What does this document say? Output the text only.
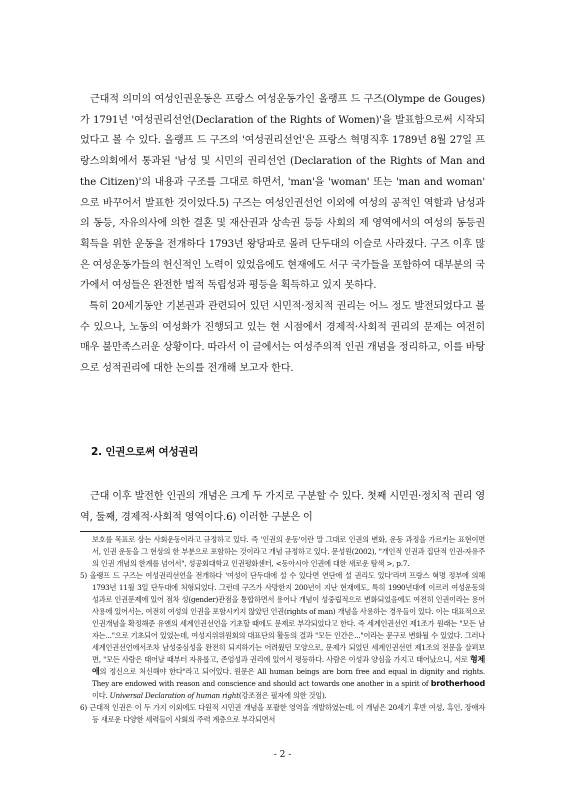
근대적 의미의 여성인권운동은 프랑스 여성운동가인 올랭프 드 구즈(Olympe de Gouges)가 1791년 '여성권리선언(Declaration of the Rights of Women)'을 발표함으로써 시작되었다고 볼 수 있다. 올랭프 드 구즈의 '여성권리선언'은 프랑스 혁명직후 1789년 8월 27일 프랑스의회에서 통과된 '남성 및 시민의 권리선언 (Declaration of the Rights of Man and the Citizen)'의 내용과 구조를 그대로 하면서, 'man'을 'woman' 또는 'man and woman' 으로 바꾸어서 발표한 것이었다.5) 구즈는 여성인권선언 이외에 여성의 공적인 역할과 남성과의 동등, 자유의사에 의한 결혼 및 재산권과 상속권 등등 사회의 제 영역에서의 여성의 동등권 획득을 위한 운동을 전개하다 1793년 왕당파로 몰려 단두대의 이슬로 사라졌다. 구즈 이후 많은 여성운동가들의 헌신적인 노력이 있었음에도 현재에도 서구 국가들을 포함하여 대부분의 국가에서 여성들은 완전한 법적 독립성과 평등을 획득하고 있지 못하다.

특히 20세기동안 기본권과 관련되어 있던 시민적·정치적 권리는 어느 정도 발전되었다고 볼 수 있으나, 노동의 여성화가 진행되고 있는 현 시점에서 경제적·사회적 권리의 문제는 여전히 매우 불만족스러운 상황이다. 따라서 이 글에서는 여성주의적 인권 개념을 정리하고, 이를 바탕으로 성적권리에 대한 논의를 전개해 보고자 한다.

2. 인권으로써 여성권리

근대 이후 발전한 인권의 개념은 크게 두 가지로 구분할 수 있다. 첫째 시민권·정치적 권리 영역, 둘째, 경제적·사회적 영역이다.6) 이러한 구분은 이

보호를 목표로 삼는 사회운동이라고 규정하고 있다. 즉 '인권의 운동'이란 말 그대로 인권의 변화, 운동 과정을 가르키는 표현이면서, 인권 운동을 그 현상의 한 부분으로 포함하는 것이라고 개념 규정하고 있다. 문성원(2002), "개인적 인권과 집단적 인권-자유주의 인권 개념의 한계를 넘어서", 성공회대학교 인권평화센터, <동아시아 인권에 대한 새로운 탐색 >, p.7.

5) 올랭프 드 구즈는 여성권리선언을 전개하다 '여성이 단두대에 설 수 있다면 연단에 설 권리도 있다'라며 프랑스 혁명 정부에 의해 1793년 11월 3일 단두대에 처형되었다. 그런데 구즈가 사망한지 200년이 지난 현재에도, 특히 1990년대에 이르러 여성운동의 성과로 인권문제에 있어 점차 성(gender)관점을 통합하면서 용어나 개념이 성중립적으로 변화되었음에도 여전히 인권이라는 용어 사용에 있어서는, 여전히 여성의 인권을 포함시키지 않았던 인권(rights of man) 개념을 사용하는 경우들이 있다. 이는 대표적으로 인권개념을 확정해준 유엔의 세계인권선언을 기초할 때에도 문제로 부각되었다고 한다. 즉 세계인권선언 제1조가 원래는 "모든 남자는..."으로 기초되어 있었는데, 여성지위위원회의 대표단의 활동의 결과 "모든 인간은..."이라는 문구로 변화될 수 있었다. 그러나 세계인권선언에서조차 남성중심성을 완전히 되지하기는 어려웠던 모양으로, 문제가 되었던 세계인권선언 제1조의 전문을 살펴보면, "모든 사람은 태어날 때부터 자유롭고, 존엄성과 권리에 있어서 평등하다. 사람은 이성과 양심을 가지고 태어났으니, 서로 형제애의 정신으로 처신해야 한다"라고 되어있다. 원문은 All human beings are born free and equal in dignity and rights. They are endowed with reason and conscience and should act towards one another in a spirit of brotherhood 이다. Universal Declaration of human right(강조점은 필자에 의한 것임).

6) 근대적 인권은 이 두 가지 이외에도 다원적 시민권 개념을 포괄한 영역을 개발하였는데, 이 개념은 20세기 후반 여성, 흑인, 장애자 등 새로운 다양한 세력들이 사회의 주력 계층으로 부각되면서

- 2 -
